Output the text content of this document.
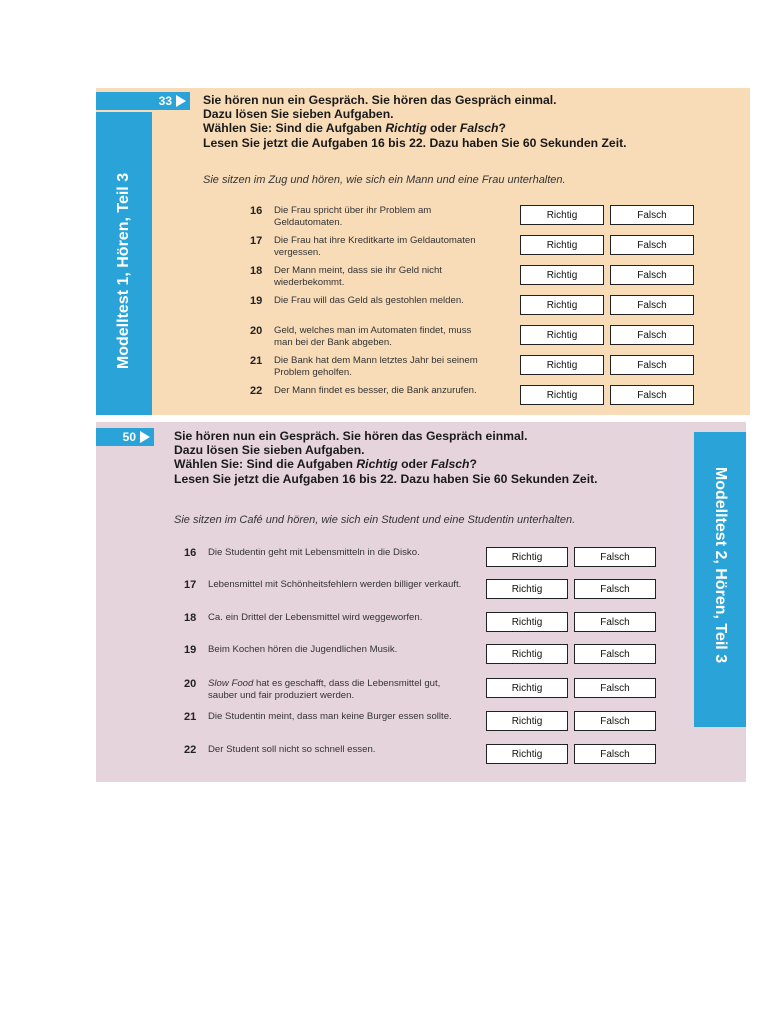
33
Modelltest 1, Hören, Teil 3
Sie hören nun ein Gespräch. Sie hören das Gespräch einmal.
Dazu lösen Sie sieben Aufgaben.
Wählen Sie: Sind die Aufgaben Richtig oder Falsch?
Lesen Sie jetzt die Aufgaben 16 bis 22. Dazu haben Sie 60 Sekunden Zeit.
Sie sitzen im Zug und hören, wie sich ein Mann und eine Frau unterhalten.
16	Die Frau spricht über ihr Problem am
Geldautomaten.
Richtig	Falsch
17	Die Frau hat ihre Kreditkarte im Geldautomaten
vergessen.
Richtig	Falsch
18	Der Mann meint, dass sie ihr Geld nicht
wiederbekommt.
Richtig	Falsch
19	Die Frau will das Geld als gestohlen melden.	Richtig	Falsch
20	Geld, welches man im Automaten findet, muss
man bei der Bank abgeben.
Richtig	Falsch
21	Die Bank hat dem Mann letztes Jahr bei seinem
Problem geholfen.
Richtig	Falsch
22	Der Mann findet es besser, die Bank anzurufen.	Richtig	Falsch
50
Modelltest 2, Hören, Teil 3
Sie hören nun ein Gespräch. Sie hören das Gespräch einmal.
Dazu lösen Sie sieben Aufgaben.
Wählen Sie: Sind die Aufgaben Richtig oder Falsch?
Lesen Sie jetzt die Aufgaben 16 bis 22. Dazu haben Sie 60 Sekunden Zeit.
Sie sitzen im Café und hören, wie sich ein Student und eine Studentin unterhalten.
16	Die Studentin geht mit Lebensmitteln in die Disko.	Richtig	Falsch
17	Lebensmittel mit Schönheitsfehlern werden billiger verkauft.	Richtig	Falsch
18	Ca. ein Drittel der Lebensmittel wird weggeworfen.	Richtig	Falsch
19	Beim Kochen hören die Jugendlichen Musik.	Richtig	Falsch
20	Slow Food hat es geschafft, dass die Lebensmittel gut,
sauber und fair produziert werden.
Richtig	Falsch
21	Die Studentin meint, dass man keine Burger essen sollte.	Richtig	Falsch
22	Der Student soll nicht so schnell essen.	Richtig	Falsch
